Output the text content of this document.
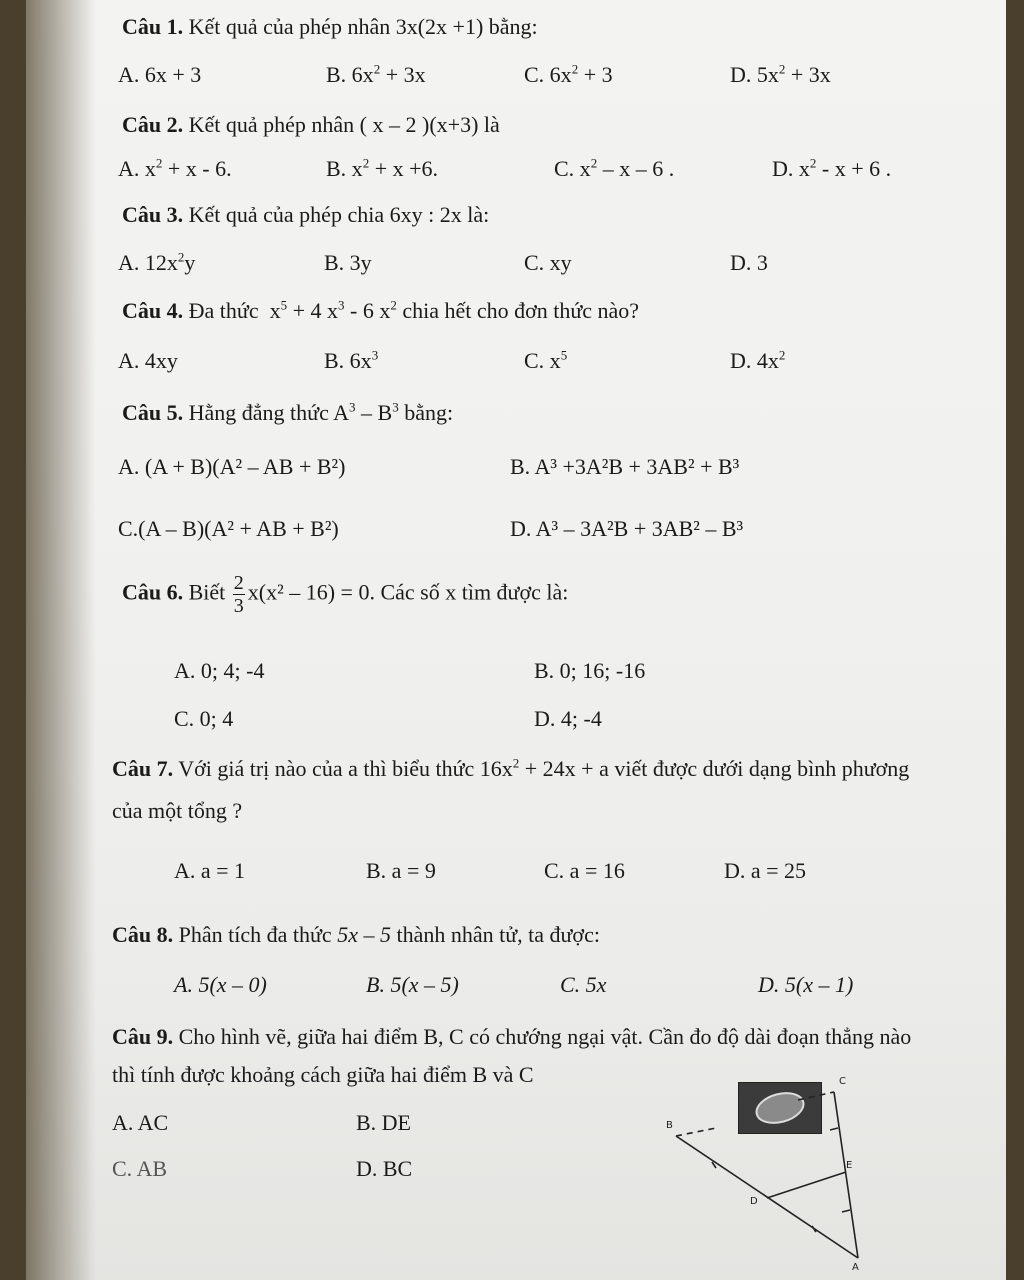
Câu 1. Kết quả của phép nhân 3x(2x +1) bằng:
A. 6x + 3	B. $6x^2 + 3x$	C. $6x^2 + 3$	D. $5x^2 + 3x$
Câu 2. Kết quả phép nhân ( x – 2 )(x+3) là
A. $x^2 + x - 6$.	B. $x^2 + x +6$.	C. $x^2$ – x – 6 .	D. $x^2 - x + 6$ .
Câu 3. Kết quả của phép chia 6xy : 2x là:
A. $12x^2y$	B. 3y	C. xy	D. 3
Câu 4. Đa thức $x^5 + 4$ $x^3 - 6$ $x^2$ chia hết cho đơn thức nào?
A. 4xy	B. $6x^3$	C. $x^5$	D. $4x^2$
Câu 5. Hằng đẳng thức $A^3 - B^3$ bằng:
A. (A + B)(A² – AB + B²)	B. A³ +3A²B + 3AB² + B³
C.(A – B)(A² + AB + B²)	D. A³ – 3A²B + 3AB² – B³
Câu 6. Biết $\frac{2}{3} x(x^2 - 16) = 0$. Các số x tìm được là:
A. 0; 4; -4	B. 0; 16; -16
C. 0; 4	D. 4; -4
Câu 7. Với giá trị nào của a thì biểu thức $16x^2 + 24x + a$ viết được dưới dạng bình phương
của một tổng ?
A. a = 1	B. a = 9	C. a = 16	D. a = 25
Câu 8. Phân tích đa thức 5x – 5 thành nhân tử, ta được:
A. 5(x – 0)	B. 5(x – 5)	C. 5x	D. 5(x – 1)
Câu 9. Cho hình vẽ, giữa hai điểm B, C có chướng ngại vật. Cần đo độ dài đoạn thẳng nào
thì tính được khoảng cách giữa hai điểm B và C
A. AC	B. DE
C. AB	D. BC
C
B
E
D
A
